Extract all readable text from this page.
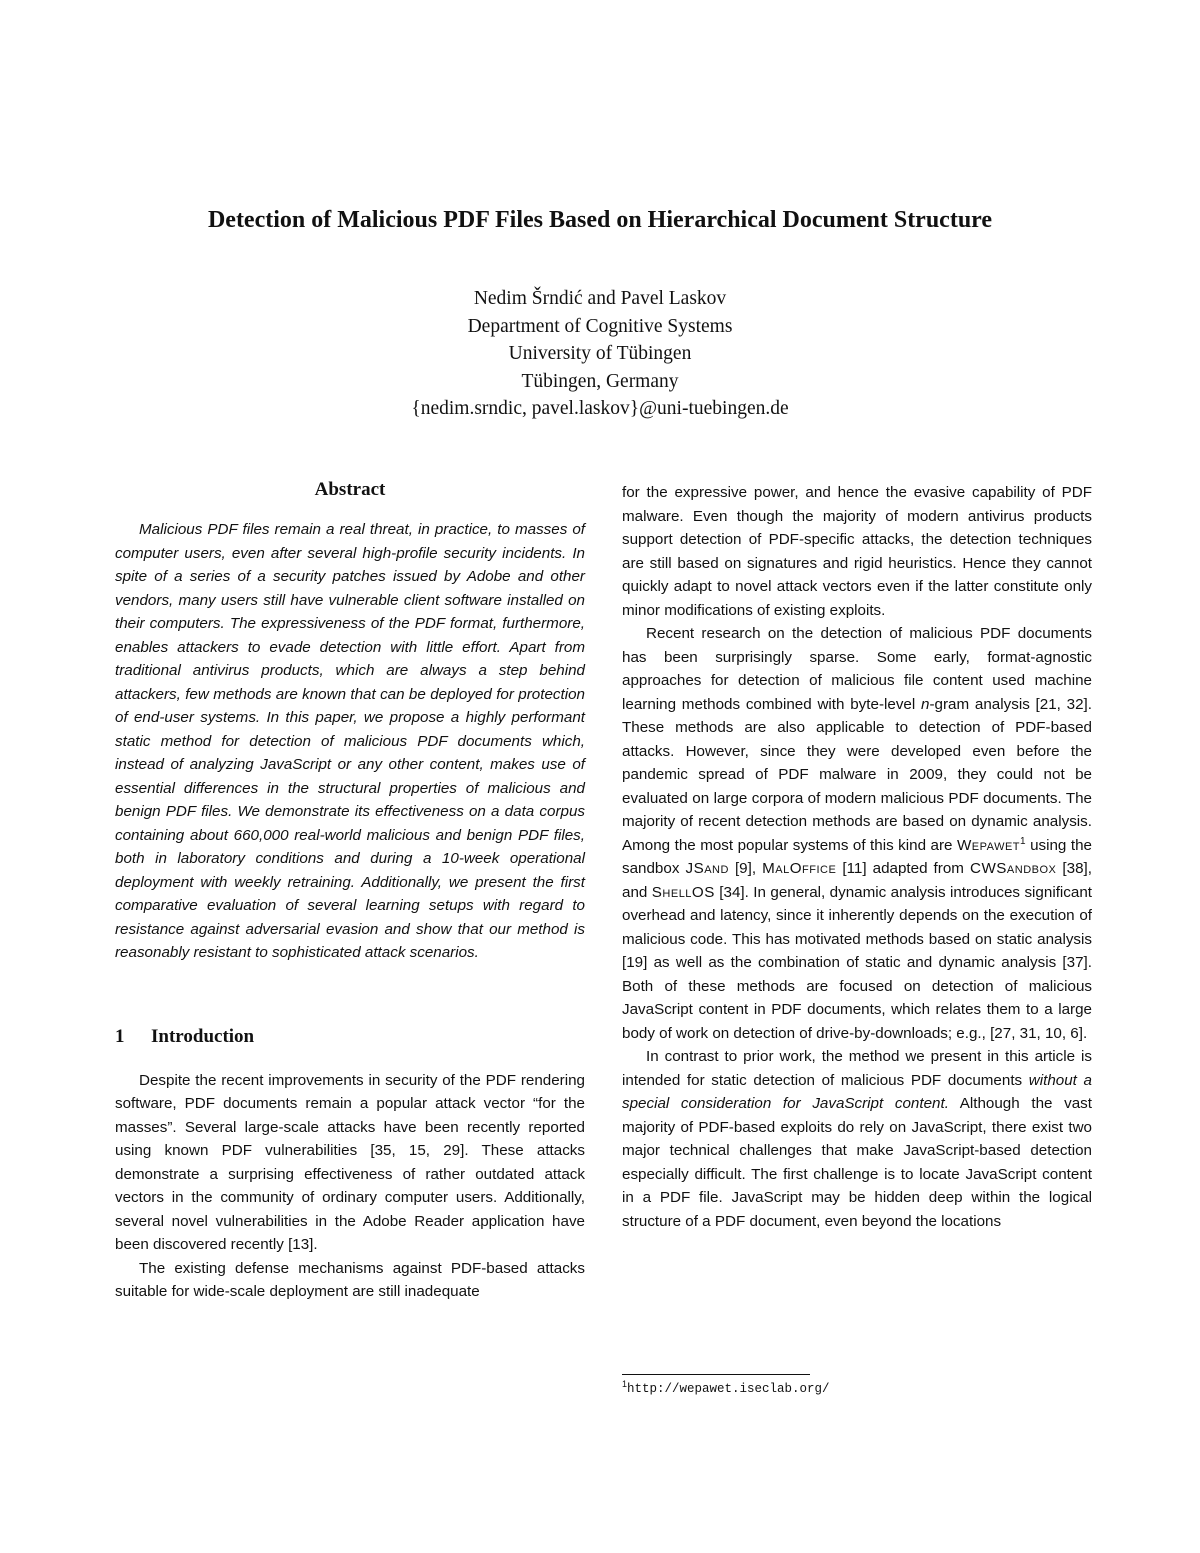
Detection of Malicious PDF Files Based on Hierarchical Document Structure
Nedim Šrndić and Pavel Laskov
Department of Cognitive Systems
University of Tübingen
Tübingen, Germany
{nedim.srndic, pavel.laskov}@uni-tuebingen.de
Abstract

Malicious PDF files remain a real threat, in practice, to masses of computer users, even after several high-profile security incidents. In spite of a series of a security patches issued by Adobe and other vendors, many users still have vulnerable client software installed on their computers. The expressiveness of the PDF format, furthermore, enables attackers to evade detection with little effort. Apart from traditional antivirus products, which are always a step behind attackers, few methods are known that can be deployed for protection of end-user systems. In this paper, we propose a highly performant static method for detection of malicious PDF documents which, instead of analyzing JavaScript or any other content, makes use of essential differences in the structural properties of malicious and benign PDF files. We demonstrate its effectiveness on a data corpus containing about 660,000 real-world malicious and benign PDF files, both in laboratory conditions and during a 10-week operational deployment with weekly retraining. Additionally, we present the first comparative evaluation of several learning setups with regard to resistance against adversarial evasion and show that our method is reasonably resistant to sophisticated attack scenarios.

1 Introduction

Despite the recent improvements in security of the PDF rendering software, PDF documents remain a popular attack vector “for the masses”. Several large-scale attacks have been recently reported using known PDF vulnerabilities [35, 15, 29]. These attacks demonstrate a surprising effectiveness of rather outdated attack vectors in the community of ordinary computer users. Additionally, several novel vulnerabilities in the Adobe Reader application have been discovered recently [13].

The existing defense mechanisms against PDF-based attacks suitable for wide-scale deployment are still inadequate

for the expressive power, and hence the evasive capability of PDF malware. Even though the majority of modern antivirus products support detection of PDF-specific attacks, the detection techniques are still based on signatures and rigid heuristics. Hence they cannot quickly adapt to novel attack vectors even if the latter constitute only minor modifications of existing exploits.

Recent research on the detection of malicious PDF documents has been surprisingly sparse. Some early, format-agnostic approaches for detection of malicious file content used machine learning methods combined with byte-level n-gram analysis [21, 32]. These methods are also applicable to detection of PDF-based attacks. However, since they were developed even before the pandemic spread of PDF malware in 2009, they could not be evaluated on large corpora of modern malicious PDF documents. The majority of recent detection methods are based on dynamic analysis. Among the most popular systems of this kind are Wepawet$^1$ using the sandbox JSand [9], MalOffice [11] adapted from CWSandbox [38], and ShellOS [34]. In general, dynamic analysis introduces significant overhead and latency, since it inherently depends on the execution of malicious code. This has motivated methods based on static analysis [19] as well as the combination of static and dynamic analysis [37]. Both of these methods are focused on detection of malicious JavaScript content in PDF documents, which relates them to a large body of work on detection of drive-by-downloads; e.g., [27, 31, 10, 6].

In contrast to prior work, the method we present in this article is intended for static detection of malicious PDF documents without a special consideration for JavaScript content. Although the vast majority of PDF-based exploits do rely on JavaScript, there exist two major technical challenges that make JavaScript-based detection especially difficult. The first challenge is to locate JavaScript content in a PDF file. JavaScript may be hidden deep within the logical structure of a PDF document, even beyond the locations

$^1$http://wepawet.iseclab.org/
